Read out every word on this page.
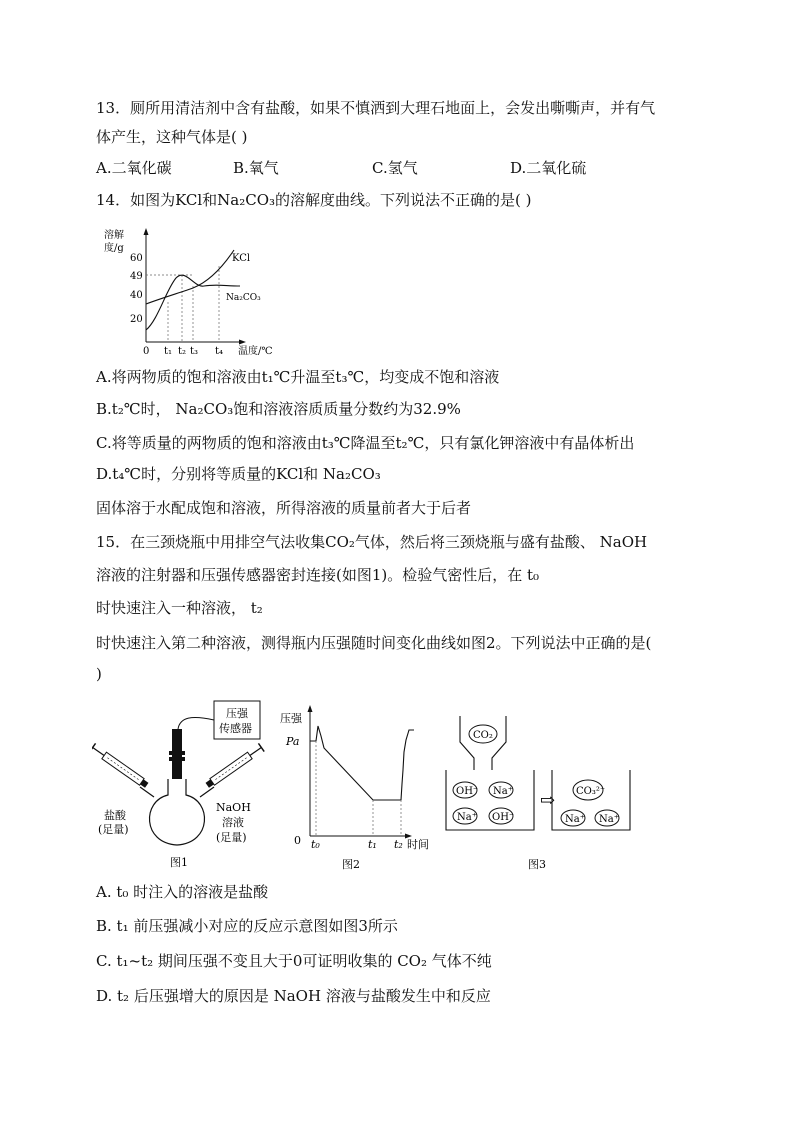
13．厕所用清洁剂中含有盐酸，如果不慎洒到大理石地面上，会发出嘶嘶声，并有气
体产生，这种气体是( )
A.二氧化碳	B.氧气	C.氢气	D.二氧化硫
14．如图为KCl和Na₂CO₃的溶解度曲线。下列说法不正确的是( )
溶解
度/g
60
49
40
20
KCl
Na₂CO₃
0 t₁ t₂ t₃ t₄ 温度/℃
A.将两物质的饱和溶液由t₁℃升温至t₃℃，均变成不饱和溶液
B.t₂℃时， Na₂CO₃饱和溶液溶质质量分数约为32.9%
C.将等质量的两物质的饱和溶液由t₃℃降温至t₂℃，只有氯化钾溶液中有晶体析出
D.t₄℃时，分别将等质量的KCl和 Na₂CO₃
固体溶于水配成饱和溶液，所得溶液的质量前者大于后者
15．在三颈烧瓶中用排空气法收集CO₂气体，然后将三颈烧瓶与盛有盐酸、 NaOH
溶液的注射器和压强传感器密封连接(如图1)。检验气密性后，在 t₀
时快速注入一种溶液， t₂
时快速注入第二种溶液，测得瓶内压强随时间变化曲线如图2。下列说法中正确的是(
)
压强
传感器
盐酸
(足量)
NaOH
溶液
(足量)
图1
压强
Pa
0 t₀	t₁ t₂ 时间
图2
CO₂
OH⁻ Na⁺
Na⁺ OH⁻
⇨ CO₃²⁻
Na⁺ Na⁺
图3
A. t₀ 时注入的溶液是盐酸
B. t₁ 前压强减小对应的反应示意图如图3所示
C. t₁~t₂ 期间压强不变且大于0可证明收集的 CO₂ 气体不纯
D. t₂ 后压强增大的原因是 NaOH 溶液与盐酸发生中和反应
